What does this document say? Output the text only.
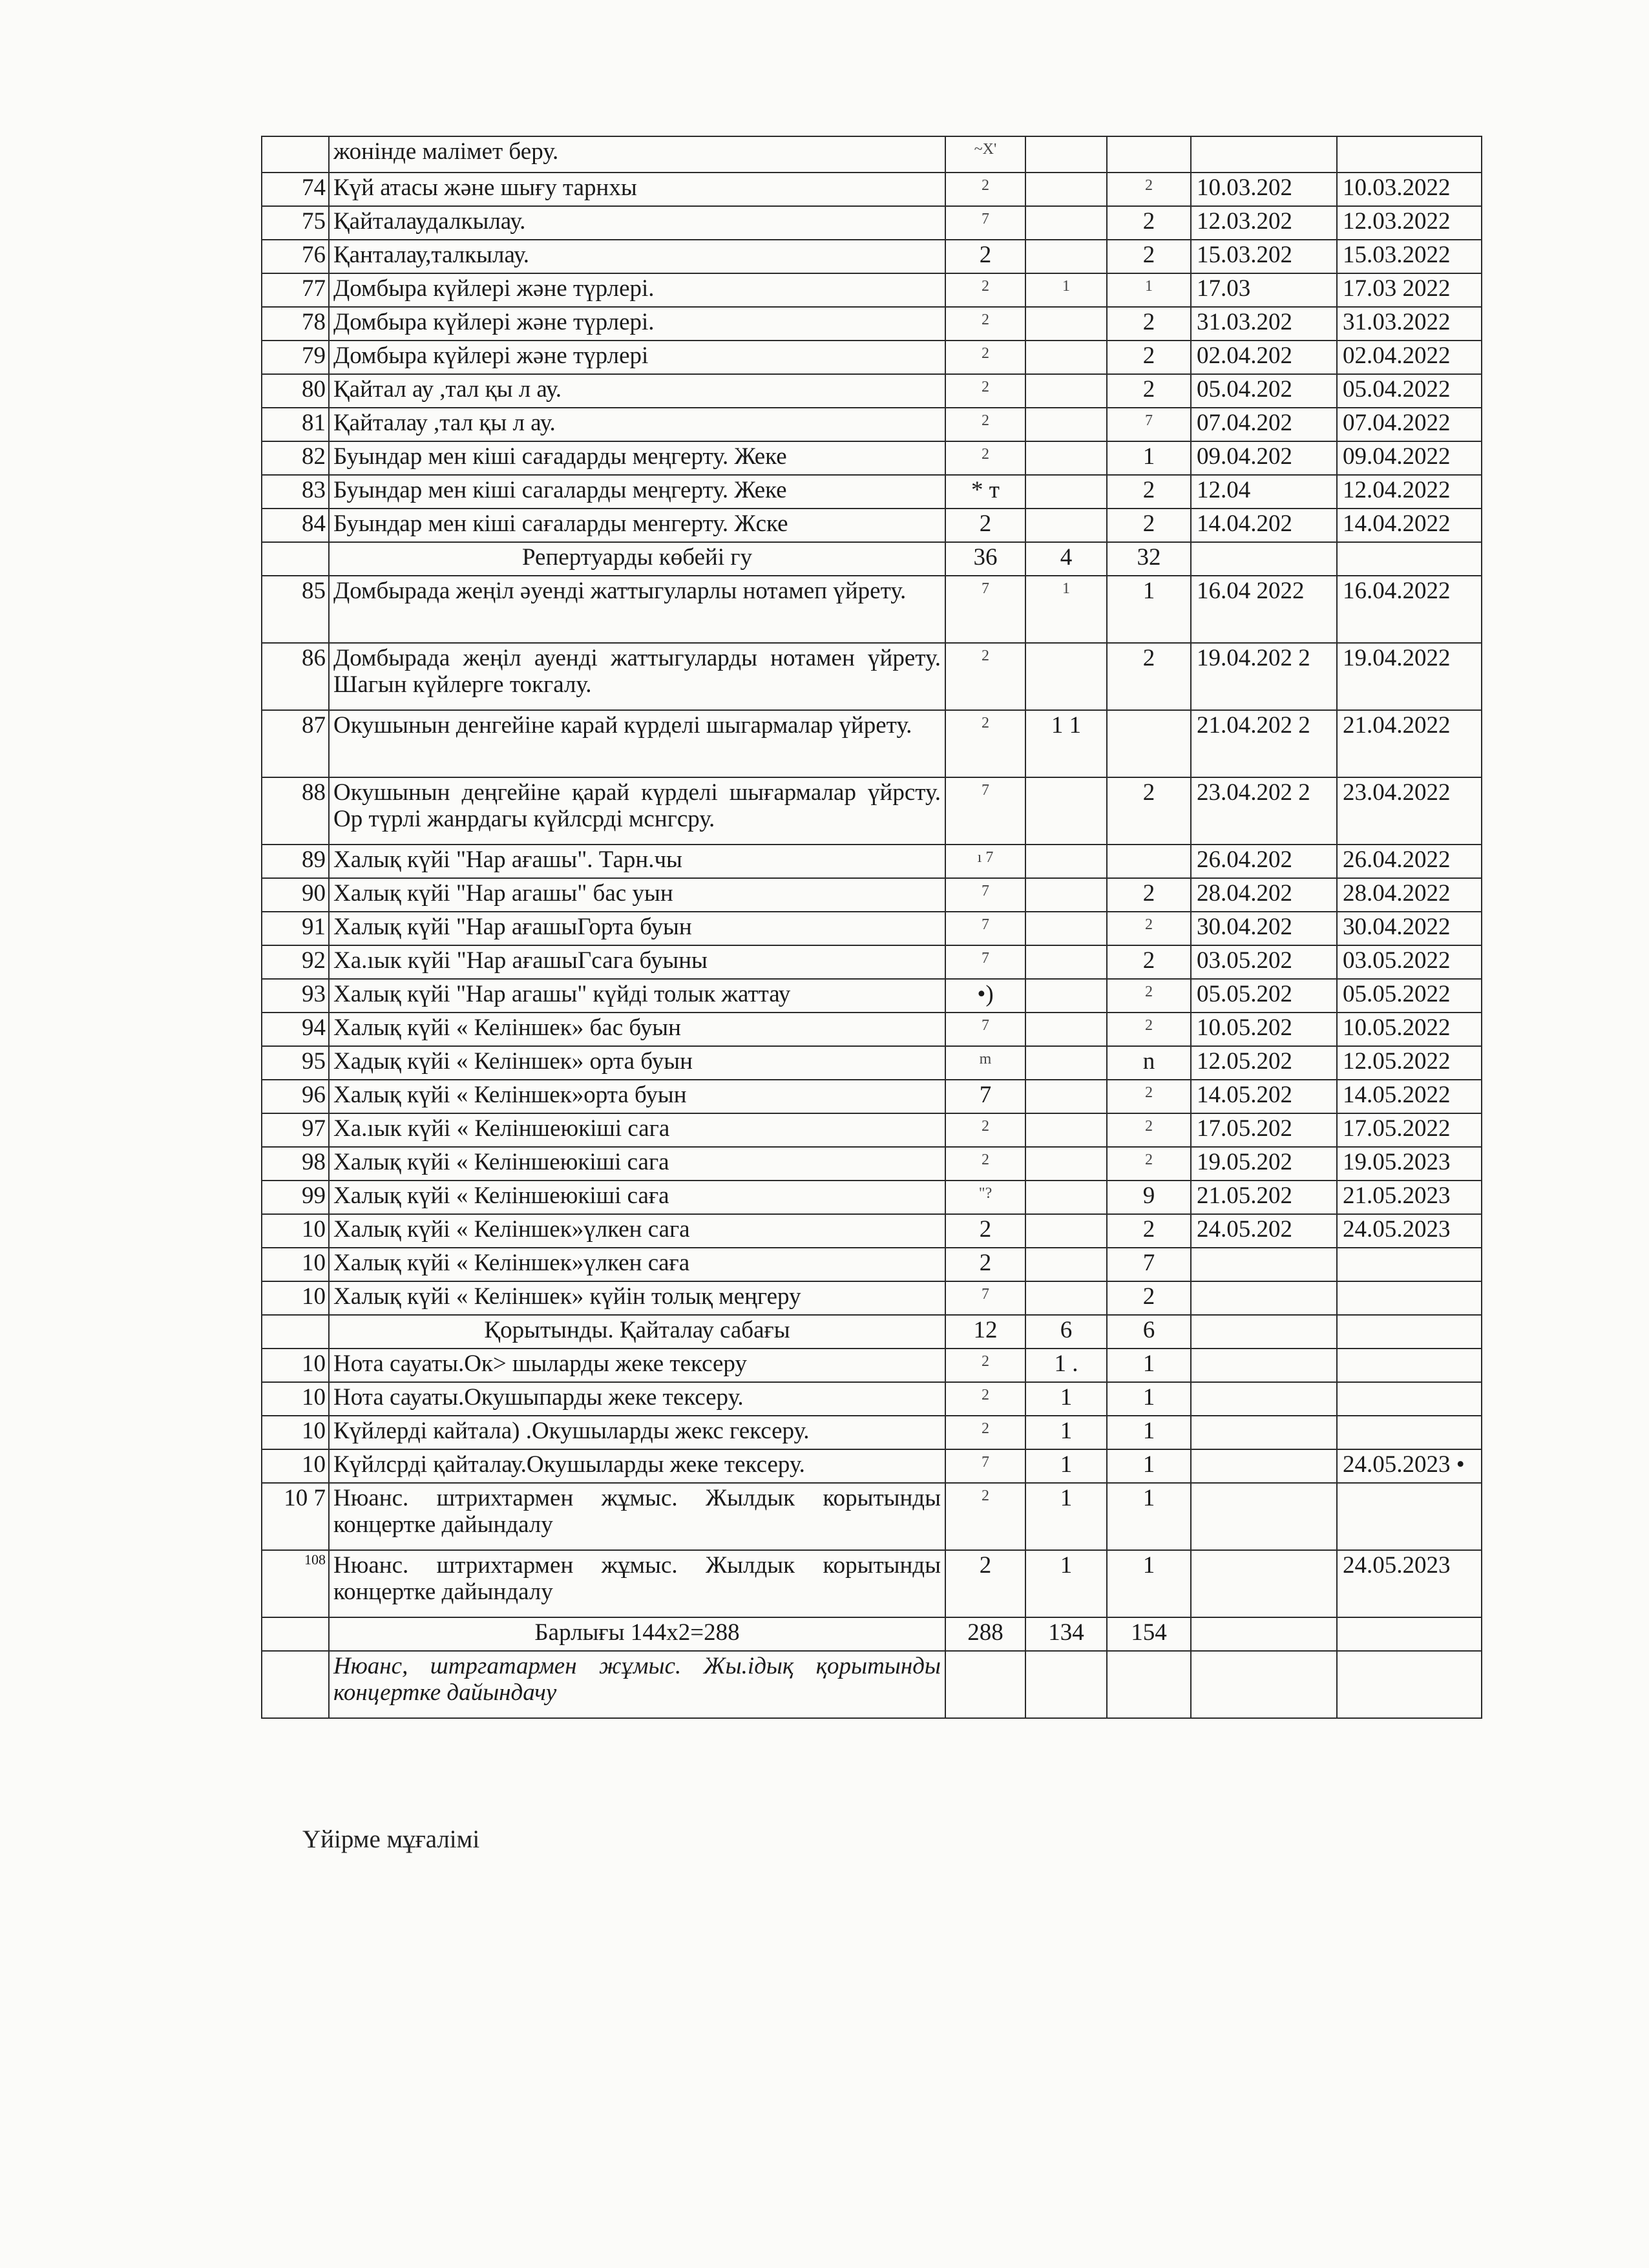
	жонінде малімет беру.	~X'				
74	Күй атасы және шығу тарнхы	2		2	10.03.202	10.03.2022
75	Қайталаудалкылау.	7		2	12.03.202	12.03.2022
76	Қанталау,талкылау.	2		2	15.03.202	15.03.2022
77	Домбыра күйлері және түрлері.	2	1	1	17.03	17.03 2022
78	Домбыра күйлері және түрлері.	2		2	31.03.202	31.03.2022
79	Домбыра күйлері және түрлері	2		2	02.04.202	02.04.2022
80	Қайтал ау ,тал қы л ау.	2		2	05.04.202	05.04.2022
81	Қайталау ,тал қы л ау.	2		7	07.04.202	07.04.2022
82	Буындар мен кіші сағадарды меңгерту. Жеке	2		1	09.04.202	09.04.2022
83	Буындар мен кіші сагаларды меңгерту. Жеке	* т		2	12.04	12.04.2022
84	Буындар мен кіші сағаларды менгерту. Жске	2		2	14.04.202	14.04.2022
	Репертуарды көбейі гу	36	4	32		
85	Домбырада жеңіл әуенді жаттыгуларлы нотамеп үйрету.	7	1	1	16.04 2022	16.04.2022
86	Домбырада жеңіл ауенді жаттыгуларды нотамен үйрету. Шагын күйлерге токгалу.	2		2	19.04.202 2	19.04.2022
87	Окушынын денгейіне карай күрделі шыгармалар үйрету.	2	1 1		21.04.202 2	21.04.2022
88	Окушынын деңгейіне қарай күрделі шығармалар үйрсту. Ор түрлі жанрдагы күйлсрді мснгсру.	7		2	23.04.202 2	23.04.2022
89	Халық күйі "Нар ағашы". Тарн.чы	ı 7			26.04.202	26.04.2022
90	Халық күйі "Нар агашы" бас уын	7		2	28.04.202	28.04.2022
91	Халық күйі "Нар ағашыГорта буын	7		2	30.04.202	30.04.2022
92	Ха.ıык күйі "Нар ағашыГсага буыны	7		2	03.05.202	03.05.2022
93	Халық күйі "Нар агашы" күйді толык жаттау	•)		2	05.05.202	05.05.2022
94	Халық күйі « Келіншек» бас буын	7		2	10.05.202	10.05.2022
95	Хадық күйі « Келіншек» орта буын	m		n	12.05.202	12.05.2022
96	Халық күйі « Келіншек»орта буын	7		2	14.05.202	14.05.2022
97	Ха.ıык күйі « Келіншеюкіші сага	2		2	17.05.202	17.05.2022
98	Халық күйі « Келіншеюкіші сага	2		2	19.05.202	19.05.2023
99	Халық күйі « Келіншеюкіші сағa	"?		9	21.05.202	21.05.2023
10	Халық күйі « Келіншек»үлкен сага	2		2	24.05.202	24.05.2023
10	Халық күйі « Келіншек»үлкен сaға	2		7		
10	Халық күйі « Келіншек» күйін толық меңгеру	7		2		
	Қорытынды. Қайталау сабағы	12	6	6		
10	Нота сауаты.Ок> шыларды жеке тексеру	2	1 .	1		
10	Нота сауаты.Окушыпарды жеке тексеру.	2	1	1		
10	Күйлерді кайтала) .Окушыларды жекс гексеру.	2	1	1		
10	Күйлсрді қайталау.Окушыларды жеке тексеру.	7	1	1		24.05.2023 •
10 7	Нюанс. штрихтармен жұмыс. Жылдык корытынды концертке дайындалу	2	1	1		
108	Нюанс. штрихтармен жұмыс. Жылдык корытынды концертке дайындалу	2	1	1		24.05.2023
	Барлығы 144х2=288	288	134	154		
	Нюанс, штргатармен жұмыс. Жы.ідық қорытынды концертке дайындачу					
Үйірме мұғалімі
